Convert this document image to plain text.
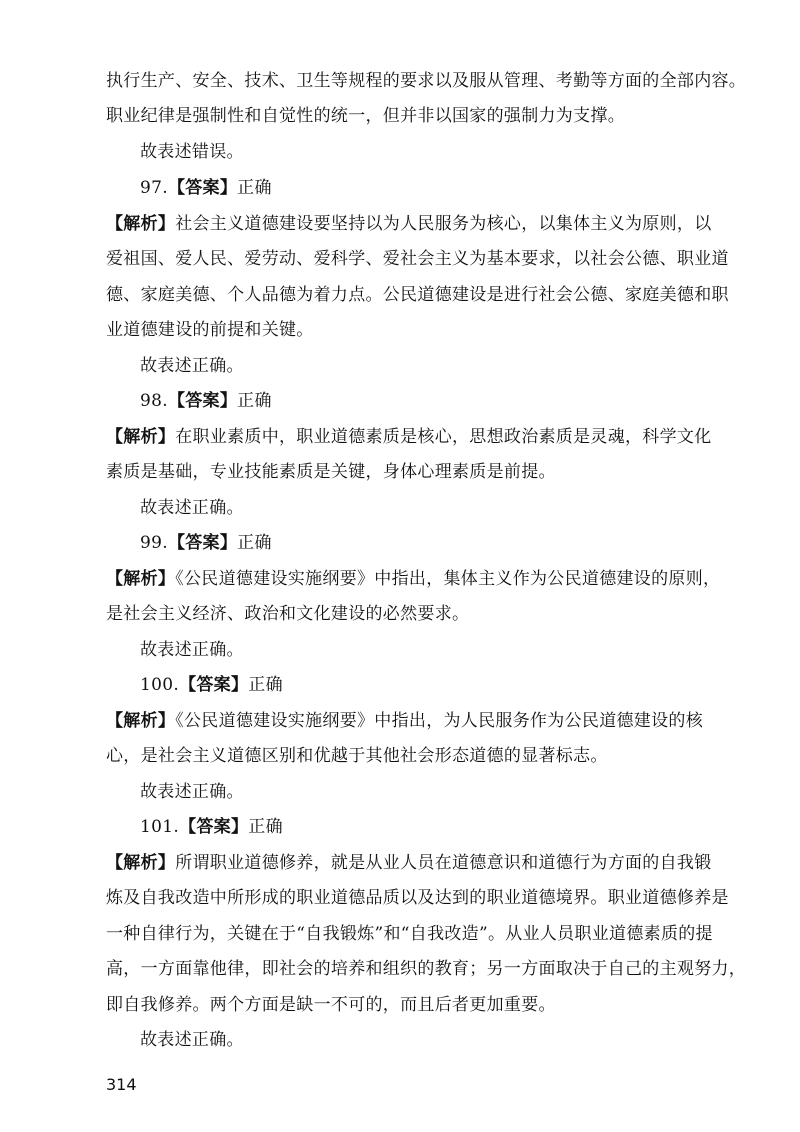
执行生产、安全、技术、卫生等规程的要求以及服从管理、考勤等方面的全部内容。
职业纪律是强制性和自觉性的统一，但并非以国家的强制力为支撑。
故表述错误。
97.【答案】正确
【解析】社会主义道德建设要坚持以为人民服务为核心，以集体主义为原则，以
爱祖国、爱人民、爱劳动、爱科学、爱社会主义为基本要求，以社会公德、职业道
德、家庭美德、个人品德为着力点。公民道德建设是进行社会公德、家庭美德和职
业道德建设的前提和关键。
故表述正确。
98.【答案】正确
【解析】在职业素质中，职业道德素质是核心，思想政治素质是灵魂，科学文化
素质是基础，专业技能素质是关键，身体心理素质是前提。
故表述正确。
99.【答案】正确
【解析】《公民道德建设实施纲要》中指出，集体主义作为公民道德建设的原则，
是社会主义经济、政治和文化建设的必然要求。
故表述正确。
100.【答案】正确
【解析】《公民道德建设实施纲要》中指出，为人民服务作为公民道德建设的核
心，是社会主义道德区别和优越于其他社会形态道德的显著标志。
故表述正确。
101.【答案】正确
【解析】所谓职业道德修养，就是从业人员在道德意识和道德行为方面的自我锻
炼及自我改造中所形成的职业道德品质以及达到的职业道德境界。职业道德修养是
一种自律行为，关键在于“自我锻炼”和“自我改造”。从业人员职业道德素质的提
高，一方面靠他律，即社会的培养和组织的教育；另一方面取决于自己的主观努力，
即自我修养。两个方面是缺一不可的，而且后者更加重要。
故表述正确。
314
